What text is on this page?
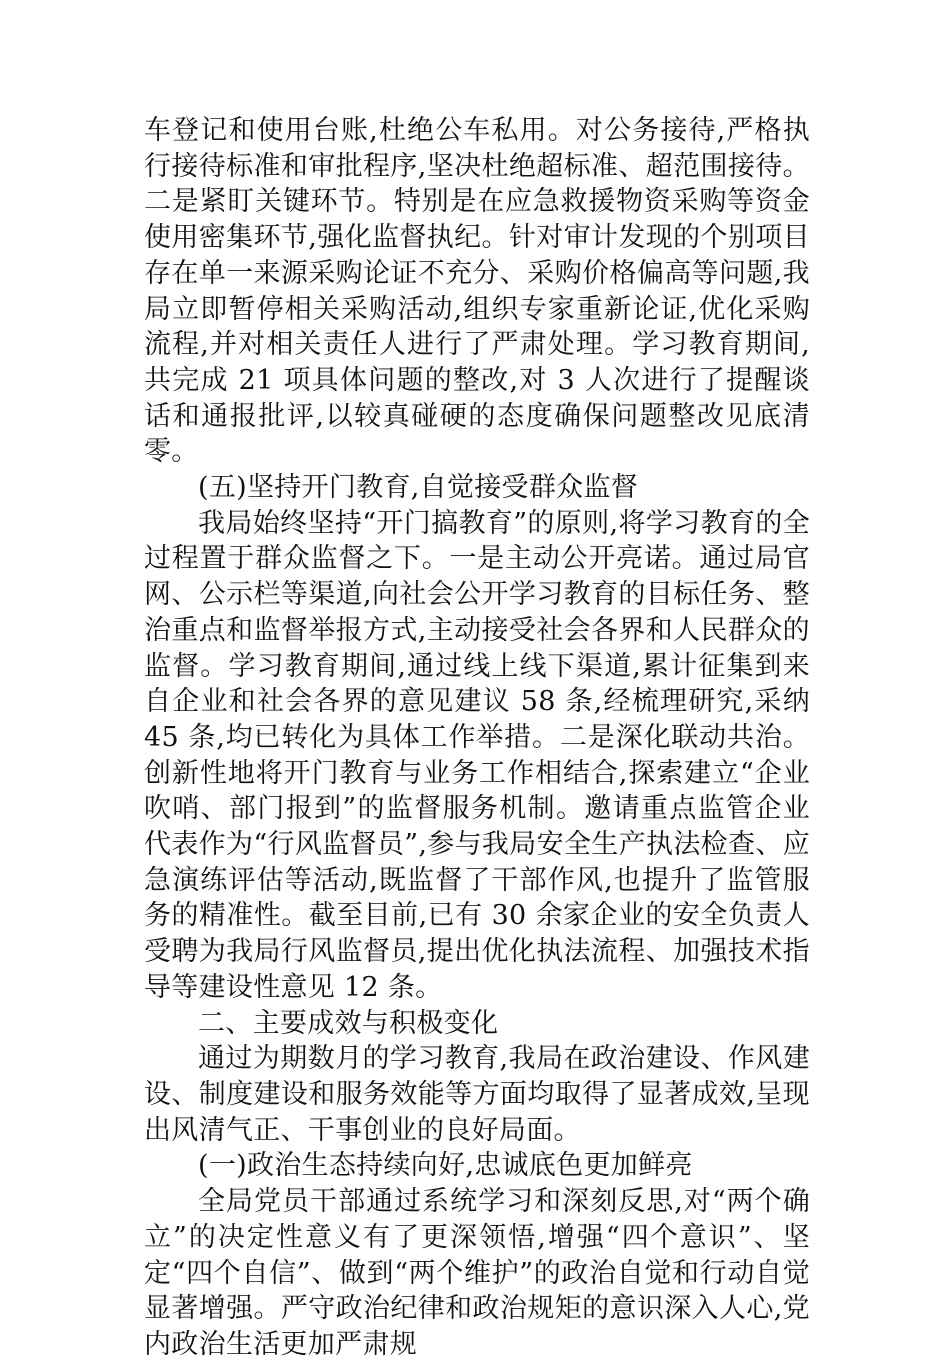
车登记和使用台账,杜绝公车私用。对公务接待,严格执行接待标准和审批程序,坚决杜绝超标准、超范围接待。二是紧盯关键环节。特别是在应急救援物资采购等资金使用密集环节,强化监督执纪。针对审计发现的个别项目存在单一来源采购论证不充分、采购价格偏高等问题,我局立即暂停相关采购活动,组织专家重新论证,优化采购流程,并对相关责任人进行了严肃处理。学习教育期间,共完成 21 项具体问题的整改,对 3 人次进行了提醒谈话和通报批评,以较真碰硬的态度确保问题整改见底清零。

(五)坚持开门教育,自觉接受群众监督

我局始终坚持“开门搞教育”的原则,将学习教育的全过程置于群众监督之下。一是主动公开亮诺。通过局官网、公示栏等渠道,向社会公开学习教育的目标任务、整治重点和监督举报方式,主动接受社会各界和人民群众的监督。学习教育期间,通过线上线下渠道,累计征集到来自企业和社会各界的意见建议 58 条,经梳理研究,采纳 45 条,均已转化为具体工作举措。二是深化联动共治。创新性地将开门教育与业务工作相结合,探索建立“企业吹哨、部门报到”的监督服务机制。邀请重点监管企业代表作为“行风监督员”,参与我局安全生产执法检查、应急演练评估等活动,既监督了干部作风,也提升了监管服务的精准性。截至目前,已有 30 余家企业的安全负责人受聘为我局行风监督员,提出优化执法流程、加强技术指导等建设性意见 12 条。

二、主要成效与积极变化

通过为期数月的学习教育,我局在政治建设、作风建设、制度建设和服务效能等方面均取得了显著成效,呈现出风清气正、干事创业的良好局面。

(一)政治生态持续向好,忠诚底色更加鲜亮

全局党员干部通过系统学习和深刻反思,对“两个确立”的决定性意义有了更深领悟,增强“四个意识”、坚定“四个自信”、做到“两个维护”的政治自觉和行动自觉显著增强。严守政治纪律和政治规矩的意识深入人心,党内政治生活更加严肃规
